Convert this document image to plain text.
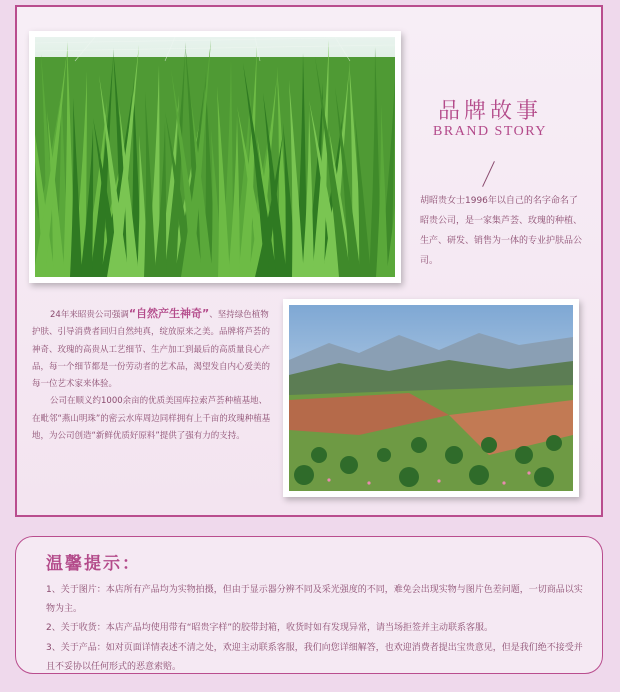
品牌故事
BRAND STORY
胡昭贵女士1996年以自己的名字命名了昭贵公司，是一家集芦荟、玫瑰的种植、生产、研发、销售为一体的专业护肤品公司。

24年来昭贵公司强调“自然产生神奇”、坚持绿色植物护肤、引导消费者回归自然纯真，绽放原来之美。品牌将芦荟的神奇、玫瑰的高贵从工艺细节、生产加工到最后的高质量良心产品，每一个细节都是一份劳动者的艺术品，渴望发自内心爱美的每一位艺术家来体验。

公司在顺义约1000余亩的优质美国库拉索芦荟种植基地、在毗邻“燕山明珠”的密云水库周边同样拥有上千亩的玫瑰种植基地，为公司创造“新鲜优质好原料”提供了强有力的支持。

温馨提示：
1、关于图片：本店所有产品均为实物拍摄，但由于显示器分辨不同及采光强度的不同，难免会出现实物与图片色差问题，一切商品以实物为主。
2、关于收货：本店产品均使用带有“昭贵字样”的胶带封箱，收货时如有发现异常，请当场拒签并主动联系客服。
3、关于产品：如对页面详情表述不清之处，欢迎主动联系客服，我们向您详细解答，也欢迎消费者提出宝贵意见，但是我们绝不接受并且不妥协以任何形式的恶意索赔。
